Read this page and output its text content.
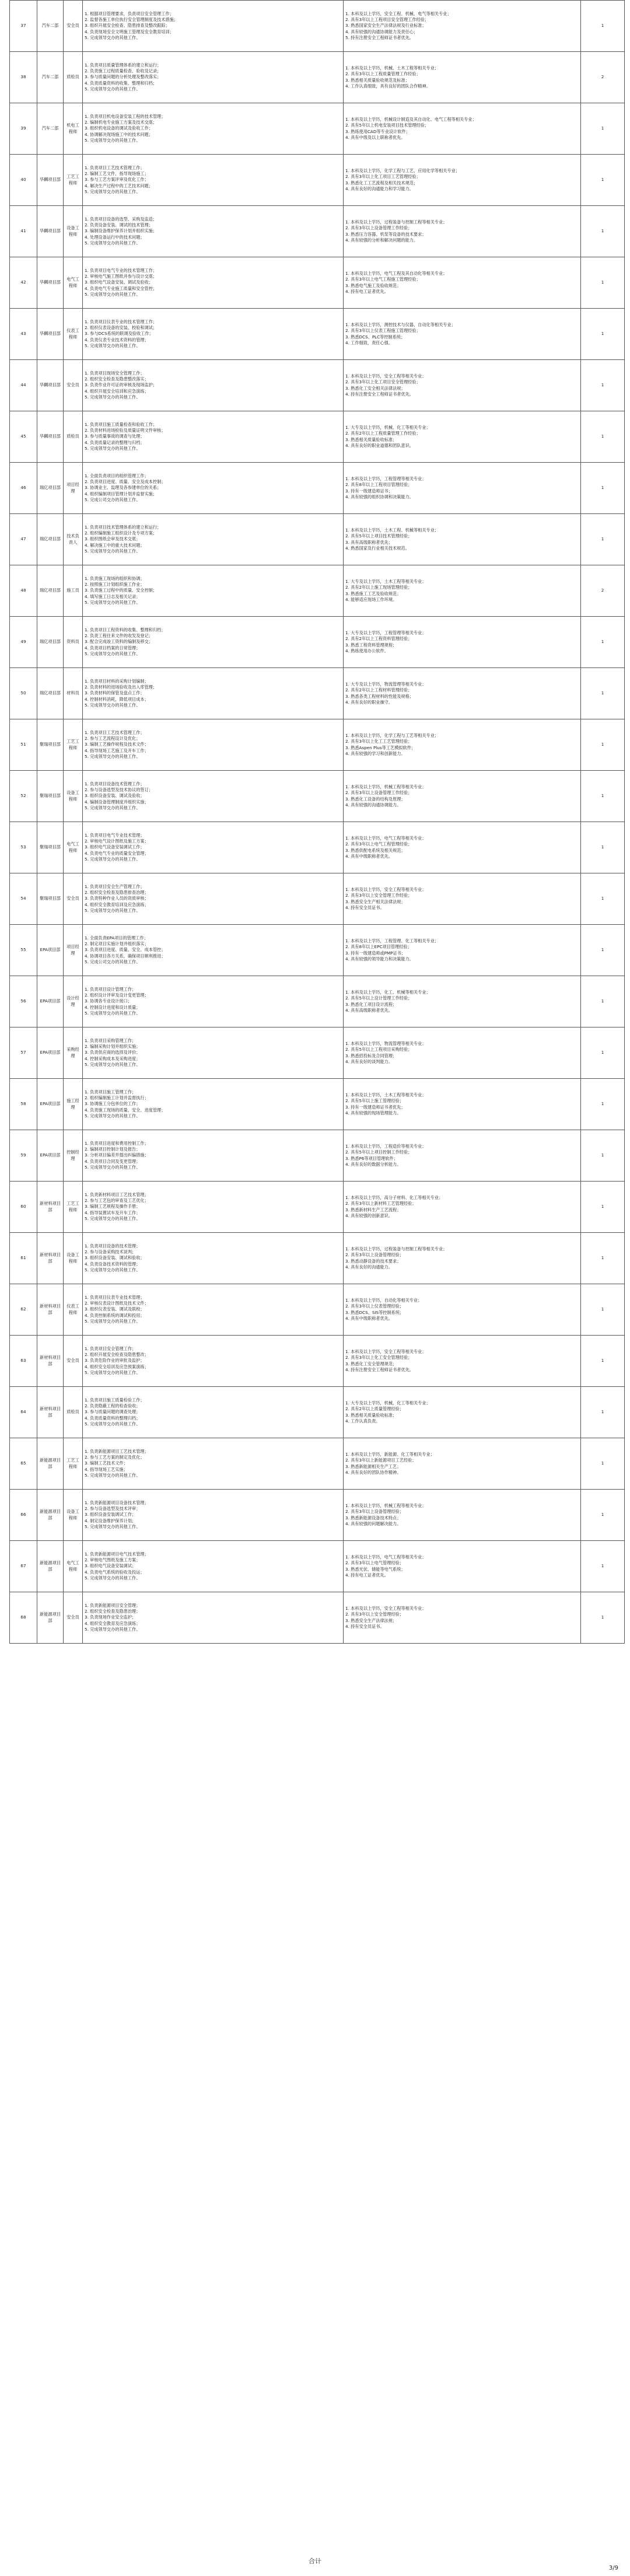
37	汽车二部	安全员	1. 根据项目管理要求，负责项目安全管理工作；
2. 监督各施工单位执行安全管理制度及技术措施；
3. 组织开展安全检查、隐患排查及整改跟踪；
4. 负责现场安全文明施工管理及安全教育培训；
5. 完成领导交办的其他工作。	1. 本科及以上学历，安全工程、机械、电气等相关专业；
2. 具有3年以上工程项目安全管理工作经验；
3. 熟悉国家安全生产法律法规及行业标准；
4. 具有较强的沟通协调能力及责任心；
5. 持有注册安全工程师证书者优先。	1
38	汽车二部	质检员	1. 负责项目质量管理体系的建立和运行；
2. 负责施工过程质量检查、验收及记录；
3. 参与质量问题的分析处理及整改落实；
4. 负责质量资料的收集、整理和归档；
5. 完成领导交办的其他工作。	1. 本科及以上学历，机械、土木工程等相关专业；
2. 具有3年以上工程质量管理工作经验；
3. 熟悉相关质量验收规范及标准；
4. 工作认真细致，具有良好的团队合作精神。	2
39	汽车二部	机电工程师	1. 负责项目机电设备安装工程的技术管理；
2. 编制机电专业施工方案及技术交底；
3. 组织机电设备的调试及验收工作；
4. 协调解决现场施工中的技术问题；
5. 完成领导交办的其他工作。	1. 本科及以上学历，机械设计制造及其自动化、电气工程等相关专业；
2. 具有5年以上机电安装项目技术管理经验；
3. 熟练使用CAD等专业设计软件；
4. 具有中级及以上职称者优先。	1
40	华麟项目部	工艺工程师	1. 负责项目工艺技术管理工作；
2. 编制工艺文件，指导现场施工；
3. 参与工艺方案评审及优化工作；
4. 解决生产过程中的工艺技术问题；
5. 完成领导交办的其他工作。	1. 本科及以上学历，化学工程与工艺、应用化学等相关专业；
2. 具有3年以上化工项目工艺管理经验；
3. 熟悉化工工艺流程及相关技术规范；
4. 具有良好的沟通能力和学习能力。	1
41	华麟项目部	设备工程师	1. 负责项目设备的选型、采购及监造；
2. 负责设备安装、调试的技术管理；
3. 编制设备维护保养计划并组织实施；
4. 处理设备运行中的技术问题；
5. 完成领导交办的其他工作。	1. 本科及以上学历，过程装备与控制工程等相关专业；
2. 具有3年以上设备管理工作经验；
3. 熟悉压力容器、机泵等设备的技术要求；
4. 具有较强的分析和解决问题的能力。	1
42	华麟项目部	电气工程师	1. 负责项目电气专业的技术管理工作；
2. 审核电气施工图纸并参与设计交底；
3. 组织电气设备安装、调试及验收；
4. 负责电气专业施工质量和安全管控；
5. 完成领导交办的其他工作。	1. 本科及以上学历，电气工程及其自动化等相关专业；
2. 具有3年以上电气工程施工管理经验；
3. 熟悉电气施工及验收规范；
4. 持有电工证者优先。	1
43	华麟项目部	仪表工程师	1. 负责项目仪表专业的技术管理工作；
2. 组织仪表设备的安装、校验和调试；
3. 参与DCS系统的联调及验收工作；
4. 负责仪表专业技术资料的管理；
5. 完成领导交办的其他工作。	1. 本科及以上学历，测控技术与仪器、自动化等相关专业；
2. 具有3年以上仪表工程施工管理经验；
3. 熟悉DCS、PLC等控制系统；
4. 工作细致，责任心强。	1
44	华麟项目部	安全员	1. 负责项目现场安全管理工作；
2. 组织安全检查及隐患整改落实；
3. 负责作业许可证的审核及现场监护；
4. 组织开展安全培训和应急演练；
5. 完成领导交办的其他工作。	1. 本科及以上学历，安全工程等相关专业；
2. 具有3年以上化工项目安全管理经验；
3. 熟悉化工安全相关法律法规；
4. 持有注册安全工程师证书者优先。	1
45	华麟项目部	质检员	1. 负责项目施工质量检查和验收工作；
2. 负责材料进场检验及质量证明文件审核；
3. 参与质量事故的调查与处理；
4. 负责质量记录的整理与归档；
5. 完成领导交办的其他工作。	1. 大专及以上学历，机械、化工等相关专业；
2. 具有2年以上工程质量管理工作经验；
3. 熟悉相关质量验收标准；
4. 具有良好的职业道德和团队意识。	1
46	瑞亿项目部	项目经理	1. 全面负责项目的组织管理工作；
2. 负责项目进度、质量、安全及成本控制；
3. 协调业主、监理及各参建单位的关系；
4. 组织编制项目管理计划并监督实施；
5. 完成公司交办的其他工作。	1. 本科及以上学历，工程管理等相关专业；
2. 具有8年以上工程项目管理经验；
3. 持有一级建造师证书；
4. 具有较强的组织协调和决策能力。	1
47	瑞亿项目部	技术负责人	1. 负责项目技术管理体系的建立和运行；
2. 组织编制施工组织设计及专项方案；
3. 组织图纸会审及技术交底；
4. 解决施工中的重大技术问题；
5. 完成领导交办的其他工作。	1. 本科及以上学历，土木工程、机械等相关专业；
2. 具有5年以上项目技术管理经验；
3. 具有高级职称者优先；
4. 熟悉国家及行业相关技术规范。	1
48	瑞亿项目部	施工员	1. 负责施工现场的组织和协调；
2. 按照施工计划组织施工作业；
3. 负责施工过程中的质量、安全控制；
4. 填写施工日志及相关记录；
5. 完成领导交办的其他工作。	1. 大专及以上学历，土木工程等相关专业；
2. 具有2年以上施工现场管理经验；
3. 熟悉施工工艺及验收规范；
4. 能够适应现场工作环境。	2
49	瑞亿项目部	资料员	1. 负责项目工程资料的收集、整理和归档；
2. 负责工程往来文件的收发及登记；
3. 配合完成竣工资料的编制及移交；
4. 负责项目档案的日常管理；
5. 完成领导交办的其他工作。	1. 大专及以上学历，工程管理等相关专业；
2. 具有2年以上工程资料管理经验；
3. 熟悉工程资料管理规程；
4. 熟练使用办公软件。	1
50	瑞亿项目部	材料员	1. 负责项目材料的采购计划编制；
2. 负责材料的进场验收及出入库管理；
3. 负责材料的保管及盘点工作；
4. 控制材料消耗，降低项目成本；
5. 完成领导交办的其他工作。	1. 大专及以上学历，物流管理等相关专业；
2. 具有2年以上工程材料管理经验；
3. 熟悉各类工程材料的性能及规格；
4. 具有良好的职业操守。	1
51	聚瑞项目部	工艺工程师	1. 负责项目工艺技术管理工作；
2. 参与工艺流程设计及优化；
3. 编制工艺操作规程及技术文件；
4. 指导现场工艺施工及开车工作；
5. 完成领导交办的其他工作。	1. 本科及以上学历，化学工程与工艺等相关专业；
2. 具有3年以上化工工艺管理经验；
3. 熟悉Aspen Plus等工艺模拟软件；
4. 具有较强的学习和创新能力。	1
52	聚瑞项目部	设备工程师	1. 负责项目设备技术管理工作；
2. 参与设备选型及技术协议的签订；
3. 组织设备安装、调试及验收；
4. 编制设备管理制度并组织实施；
5. 完成领导交办的其他工作。	1. 本科及以上学历，机械工程等相关专业；
2. 具有3年以上设备管理工作经验；
3. 熟悉化工设备的结构及原理；
4. 具有较强的沟通协调能力。	1
53	聚瑞项目部	电气工程师	1. 负责项目电气专业技术管理；
2. 审核电气设计图纸及施工方案；
3. 组织电气设备安装调试工作；
4. 负责电气专业的质量安全管理；
5. 完成领导交办的其他工作。	1. 本科及以上学历，电气工程等相关专业；
2. 具有3年以上电气工程管理经验；
3. 熟悉供配电系统及相关规范；
4. 具有中级职称者优先。	1
54	聚瑞项目部	安全员	1. 负责项目安全生产管理工作；
2. 组织安全检查及隐患排查治理；
3. 负责特种作业人员的资质审核；
4. 组织安全教育培训及应急演练；
5. 完成领导交办的其他工作。	1. 本科及以上学历，安全工程等相关专业；
2. 具有3年以上安全管理工作经验；
3. 熟悉安全生产相关法律法规；
4. 持有安全员证书。	1
55	EPA项目部	项目经理	1. 全面负责EPA项目的管理工作；
2. 制定项目实施计划并组织落实；
3. 负责项目进度、质量、安全、成本管控；
4. 协调项目各方关系，确保项目顺利推进；
5. 完成公司交办的其他工作。	1. 本科及以上学历，工程管理、化工等相关专业；
2. 具有8年以上EPC项目管理经验；
3. 持有一级建造师或PMP证书；
4. 具有较强的领导能力和决策能力。	1
56	EPA项目部	设计经理	1. 负责项目设计管理工作；
2. 组织设计评审及设计变更管理；
3. 协调各专业设计接口；
4. 控制设计进度和设计质量；
5. 完成领导交办的其他工作。	1. 本科及以上学历，化工、机械等相关专业；
2. 具有5年以上设计管理工作经验；
3. 熟悉化工项目设计流程；
4. 具有高级职称者优先。	1
57	EPA项目部	采购经理	1. 负责项目采购管理工作；
2. 编制采购计划并组织实施；
3. 负责供应商的选择及评价；
4. 控制采购成本及采购进度；
5. 完成领导交办的其他工作。	1. 本科及以上学历，物流管理等相关专业；
2. 具有5年以上工程项目采购经验；
3. 熟悉招投标及合同管理；
4. 具有良好的谈判能力。	1
58	EPA项目部	施工经理	1. 负责项目施工管理工作；
2. 组织编制施工计划并监督执行；
3. 协调施工分包单位的工作；
4. 负责施工现场的质量、安全、进度管理；
5. 完成领导交办的其他工作。	1. 本科及以上学历，土木工程等相关专业；
2. 具有5年以上施工管理经验；
3. 持有一级建造师证书者优先；
4. 具有较强的现场管理能力。	1
59	EPA项目部	控制经理	1. 负责项目进度和费用控制工作；
2. 编制项目控制计划及报告；
3. 分析项目偏差并提出纠偏措施；
4. 负责项目合同及变更管理；
5. 完成领导交办的其他工作。	1. 本科及以上学历，工程造价等相关专业；
2. 具有5年以上项目控制工作经验；
3. 熟悉P6等项目管理软件；
4. 具有良好的数据分析能力。	1
60	新材料项目部	工艺工程师	1. 负责新材料项目工艺技术管理；
2. 参与工艺包的审查及工艺优化；
3. 编制工艺规程及操作手册；
4. 指导装置试车及开车工作；
5. 完成领导交办的其他工作。	1. 本科及以上学历，高分子材料、化工等相关专业；
2. 具有3年以上新材料工艺管理经验；
3. 熟悉新材料生产工艺流程；
4. 具有较强的创新意识。	1
61	新材料项目部	设备工程师	1. 负责项目设备的技术管理；
2. 参与设备采购技术谈判；
3. 组织设备安装、调试和验收；
4. 负责设备技术资料的管理；
5. 完成领导交办的其他工作。	1. 本科及以上学历，过程装备与控制工程等相关专业；
2. 具有3年以上设备管理经验；
3. 熟悉动静设备的技术要求；
4. 具有良好的沟通能力。	1
62	新材料项目部	仪表工程师	1. 负责项目仪表专业技术管理；
2. 审核仪表设计图纸及技术文件；
3. 组织仪表安装、调试及联校；
4. 负责控制系统的调试和投用；
5. 完成领导交办的其他工作。	1. 本科及以上学历，自动化等相关专业；
2. 具有3年以上仪表管理经验；
3. 熟悉DCS、SIS等控制系统；
4. 具有中级职称者优先。	1
63	新材料项目部	安全员	1. 负责项目安全管理工作；
2. 组织开展安全检查及隐患整改；
3. 负责危险作业的审批及监护；
4. 组织安全培训及应急预案演练；
5. 完成领导交办的其他工作。	1. 本科及以上学历，安全工程等相关专业；
2. 具有3年以上化工安全管理经验；
3. 熟悉化工安全管理规范；
4. 持有注册安全工程师证书者优先。	1
64	新材料项目部	质检员	1. 负责项目施工质量检验工作；
2. 负责隐蔽工程的检查验收；
3. 参与质量问题的调查处理；
4. 负责质量资料的整理归档；
5. 完成领导交办的其他工作。	1. 大专及以上学历，机械、化工等相关专业；
2. 具有2年以上质量管理经验；
3. 熟悉相关质量验收标准；
4. 工作认真负责。	1
65	新能源项目部	工艺工程师	1. 负责新能源项目工艺技术管理；
2. 参与工艺方案的制定及优化；
3. 编制工艺技术文件；
4. 指导现场工艺实施；
5. 完成领导交办的其他工作。	1. 本科及以上学历，新能源、化工等相关专业；
2. 具有3年以上新能源项目工艺经验；
3. 熟悉新能源相关生产工艺；
4. 具有良好的团队协作精神。	1
66	新能源项目部	设备工程师	1. 负责新能源项目设备技术管理；
2. 参与设备选型及技术评审；
3. 组织设备安装调试工作；
4. 制定设备维护保养计划；
5. 完成领导交办的其他工作。	1. 本科及以上学历，机械工程等相关专业；
2. 具有3年以上设备管理经验；
3. 熟悉新能源设备技术特点；
4. 具有较强的问题解决能力。	1
67	新能源项目部	电气工程师	1. 负责新能源项目电气技术管理；
2. 审核电气图纸及施工方案；
3. 组织电气设备安装调试；
4. 负责电气系统的验收及投运；
5. 完成领导交办的其他工作。	1. 本科及以上学历，电气工程等相关专业；
2. 具有3年以上电气管理经验；
3. 熟悉光伏、储能等电气系统；
4. 持有电工证者优先。	1
68	新能源项目部	安全员	1. 负责新能源项目安全管理；
2. 组织安全检查及隐患治理；
3. 负责现场作业安全监护；
4. 组织安全教育及应急演练；
5. 完成领导交办的其他工作。	1. 本科及以上学历，安全工程等相关专业；
2. 具有3年以上安全管理经验；
3. 熟悉安全生产法律法规；
4. 持有安全员证书。	1
合计
3/9
